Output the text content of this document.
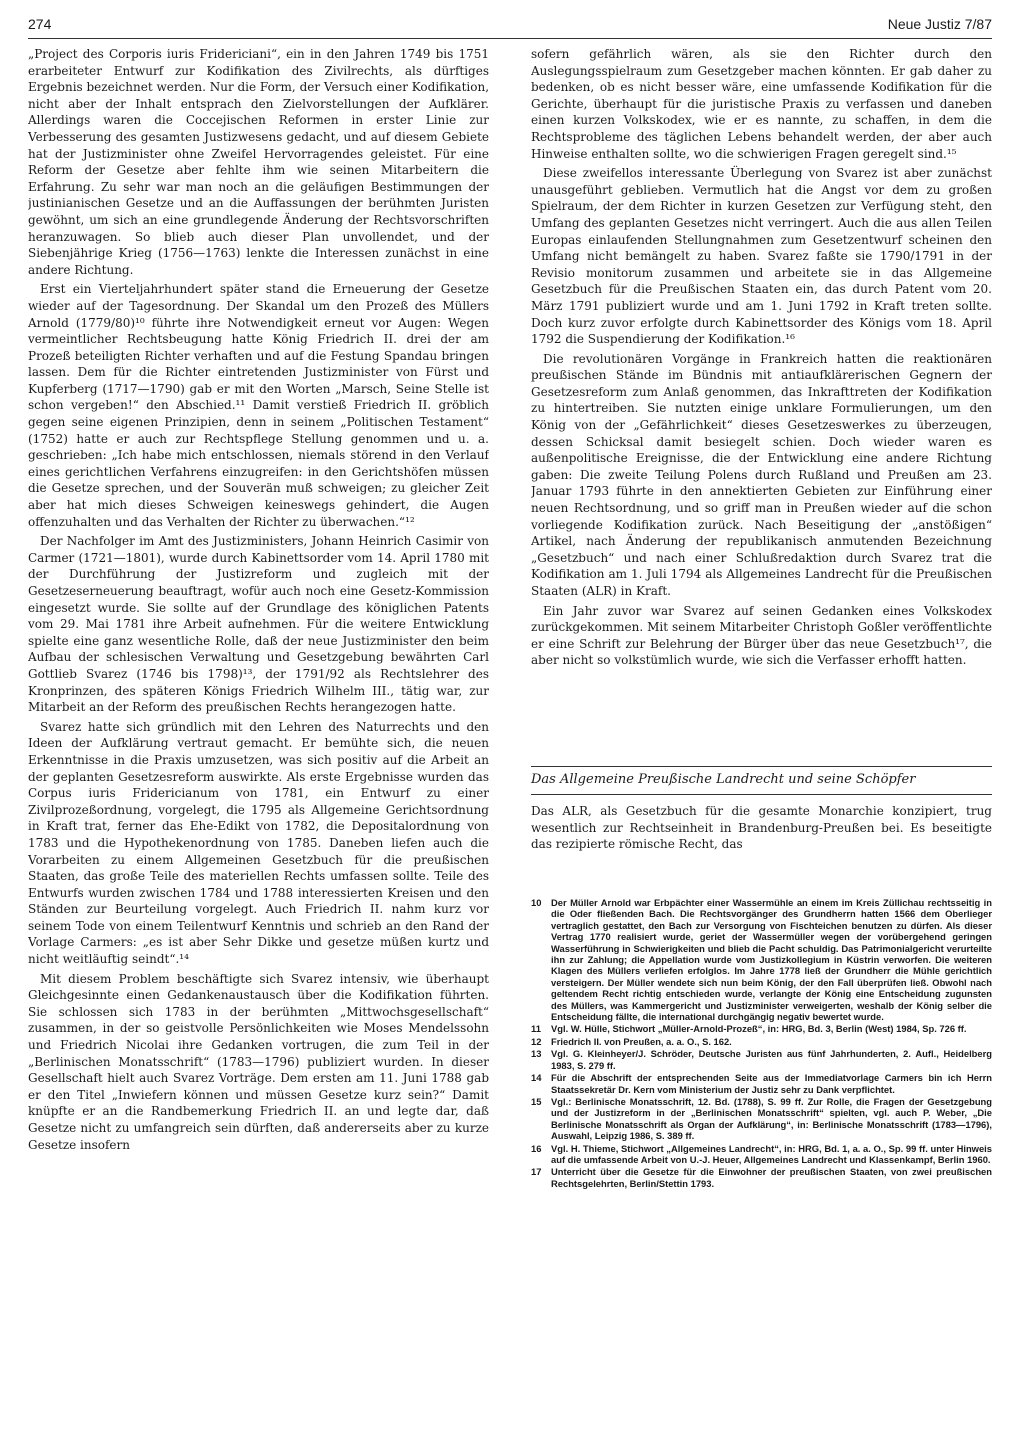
274	Neue Justiz 7/87

„Project des Corporis iuris Fridericiani“, ein in den Jahren 1749 bis 1751 erarbeiteter Entwurf zur Kodifikation des Zivilrechts, als dürftiges Ergebnis bezeichnet werden. Nur die Form, der Versuch einer Kodifikation, nicht aber der Inhalt entsprach den Zielvorstellungen der Aufklärer. Allerdings waren die Coccejischen Reformen in erster Linie zur Verbesserung des gesamten Justizwesens gedacht, und auf diesem Gebiete hat der Justizminister ohne Zweifel Hervorragendes geleistet. Für eine Reform der Gesetze aber fehlte ihm wie seinen Mitarbeitern die Erfahrung. Zu sehr war man noch an die geläufigen Bestimmungen der justinianischen Gesetze und an die Auffassungen der berühmten Juristen gewöhnt, um sich an eine grundlegende Änderung der Rechtsvorschriften heranzuwagen. So blieb auch dieser Plan unvollendet, und der Siebenjährige Krieg (1756—1763) lenkte die Interessen zunächst in eine andere Richtung.

Erst ein Vierteljahrhundert später stand die Erneuerung der Gesetze wieder auf der Tagesordnung. Der Skandal um den Prozeß des Müllers Arnold (1779/80)¹⁰ führte ihre Notwendigkeit erneut vor Augen: Wegen vermeintlicher Rechtsbeugung hatte König Friedrich II. drei der am Prozeß beteiligten Richter verhaften und auf die Festung Spandau bringen lassen. Dem für die Richter eintretenden Justizminister von Fürst und Kupferberg (1717—1790) gab er mit den Worten „Marsch, Seine Stelle ist schon vergeben!“ den Abschied.¹¹ Damit verstieß Friedrich II. gröblich gegen seine eigenen Prinzipien, denn in seinem „Politischen Testament“ (1752) hatte er auch zur Rechtspflege Stellung genommen und u. a. geschrieben: „Ich habe mich entschlossen, niemals störend in den Verlauf eines gerichtlichen Verfahrens einzugreifen: in den Gerichtshöfen müssen die Gesetze sprechen, und der Souverän muß schweigen; zu gleicher Zeit aber hat mich dieses Schweigen keineswegs gehindert, die Augen offenzuhalten und das Verhalten der Richter zu überwachen.“¹²

Der Nachfolger im Amt des Justizministers, Johann Heinrich Casimir von Carmer (1721—1801), wurde durch Kabinettsorder vom 14. April 1780 mit der Durchführung der Justizreform und zugleich mit der Gesetzeserneuerung beauftragt, wofür auch noch eine Gesetz-Kommission eingesetzt wurde. Sie sollte auf der Grundlage des königlichen Patents vom 29. Mai 1781 ihre Arbeit aufnehmen. Für die weitere Entwicklung spielte eine ganz wesentliche Rolle, daß der neue Justizminister den beim Aufbau der schlesischen Verwaltung und Gesetzgebung bewährten Carl Gottlieb Svarez (1746 bis 1798)¹³, der 1791/92 als Rechtslehrer des Kronprinzen, des späteren Königs Friedrich Wilhelm III., tätig war, zur Mitarbeit an der Reform des preußischen Rechts herangezogen hatte.

Svarez hatte sich gründlich mit den Lehren des Naturrechts und den Ideen der Aufklärung vertraut gemacht. Er bemühte sich, die neuen Erkenntnisse in die Praxis umzusetzen, was sich positiv auf die Arbeit an der geplanten Gesetzesreform auswirkte. Als erste Ergebnisse wurden das Corpus iuris Fridericianum von 1781, ein Entwurf zu einer Zivilprozeßordnung, vorgelegt, die 1795 als Allgemeine Gerichtsordnung in Kraft trat, ferner das Ehe-Edikt von 1782, die Depositalordnung von 1783 und die Hypothekenordnung von 1785. Daneben liefen auch die Vorarbeiten zu einem Allgemeinen Gesetzbuch für die preußischen Staaten, das große Teile des materiellen Rechts umfassen sollte. Teile des Entwurfs wurden zwischen 1784 und 1788 interessierten Kreisen und den Ständen zur Beurteilung vorgelegt. Auch Friedrich II. nahm kurz vor seinem Tode von einem Teilentwurf Kenntnis und schrieb an den Rand der Vorlage Carmers: „es ist aber Sehr Dikke und gesetze müßen kurtz und nicht weitläuftig seindt“.¹⁴

Mit diesem Problem beschäftigte sich Svarez intensiv, wie überhaupt Gleichgesinnte einen Gedankenaustausch über die Kodifikation führten. Sie schlossen sich 1783 in der berühmten „Mittwochsgesellschaft“ zusammen, in der so geistvolle Persönlichkeiten wie Moses Mendelssohn und Friedrich Nicolai ihre Gedanken vortrugen, die zum Teil in der „Berlinischen Monatsschrift“ (1783—1796) publiziert wurden. In dieser Gesellschaft hielt auch Svarez Vorträge. Dem ersten am 11. Juni 1788 gab er den Titel „Inwiefern können und müssen Gesetze kurz sein?“ Damit knüpfte er an die Randbemerkung Friedrich II. an und legte dar, daß Gesetze nicht zu umfangreich sein dürften, daß andererseits aber zu kurze Gesetze insofern

sofern gefährlich wären, als sie den Richter durch den Auslegungsspielraum zum Gesetzgeber machen könnten. Er gab daher zu bedenken, ob es nicht besser wäre, eine umfassende Kodifikation für die Gerichte, überhaupt für die juristische Praxis zu verfassen und daneben einen kurzen Volkskodex, wie er es nannte, zu schaffen, in dem die Rechtsprobleme des täglichen Lebens behandelt werden, der aber auch Hinweise enthalten sollte, wo die schwierigen Fragen geregelt sind.¹⁵

Diese zweifellos interessante Überlegung von Svarez ist aber zunächst unausgeführt geblieben. Vermutlich hat die Angst vor dem zu großen Spielraum, der dem Richter in kurzen Gesetzen zur Verfügung steht, den Umfang des geplanten Gesetzes nicht verringert. Auch die aus allen Teilen Europas einlaufenden Stellungnahmen zum Gesetzentwurf scheinen den Umfang nicht bemängelt zu haben. Svarez faßte sie 1790/1791 in der Revisio monitorum zusammen und arbeitete sie in das Allgemeine Gesetzbuch für die Preußischen Staaten ein, das durch Patent vom 20. März 1791 publiziert wurde und am 1. Juni 1792 in Kraft treten sollte. Doch kurz zuvor erfolgte durch Kabinettsorder des Königs vom 18. April 1792 die Suspendierung der Kodifikation.¹⁶

Die revolutionären Vorgänge in Frankreich hatten die reaktionären preußischen Stände im Bündnis mit antiaufklärerischen Gegnern der Gesetzesreform zum Anlaß genommen, das Inkrafttreten der Kodifikation zu hintertreiben. Sie nutzten einige unklare Formulierungen, um den König von der „Gefährlichkeit“ dieses Gesetzeswerkes zu überzeugen, dessen Schicksal damit besiegelt schien. Doch wieder waren es außenpolitische Ereignisse, die der Entwicklung eine andere Richtung gaben: Die zweite Teilung Polens durch Rußland und Preußen am 23. Januar 1793 führte in den annektierten Gebieten zur Einführung einer neuen Rechtsordnung, und so griff man in Preußen wieder auf die schon vorliegende Kodifikation zurück. Nach Beseitigung der „anstößigen“ Artikel, nach Änderung der republikanisch anmutenden Bezeichnung „Gesetzbuch“ und nach einer Schlußredaktion durch Svarez trat die Kodifikation am 1. Juli 1794 als Allgemeines Landrecht für die Preußischen Staaten (ALR) in Kraft.

Ein Jahr zuvor war Svarez auf seinen Gedanken eines Volkskodex zurückgekommen. Mit seinem Mitarbeiter Christoph Goßler veröffentlichte er eine Schrift zur Belehrung der Bürger über das neue Gesetzbuch¹⁷, die aber nicht so volkstümlich wurde, wie sich die Verfasser erhofft hatten.

Das Allgemeine Preußische Landrecht und seine Schöpfer

Das ALR, als Gesetzbuch für die gesamte Monarchie konzipiert, trug wesentlich zur Rechtseinheit in Brandenburg-Preußen bei. Es beseitigte das rezipierte römische Recht, das

10	Der Müller Arnold war Erbpächter einer Wassermühle an einem im Kreis Züllichau rechtsseitig in die Oder fließenden Bach. Die Rechtsvorgänger des Grundherrn hatten 1566 dem Oberlieger vertraglich gestattet, den Bach zur Versorgung von Fischteichen benutzen zu dürfen. Als dieser Vertrag 1770 realisiert wurde, geriet der Wassermüller wegen der vorübergehend geringen Wasserführung in Schwierigkeiten und blieb die Pacht schuldig. Das Patrimonialgericht verurteilte ihn zur Zahlung; die Appellation wurde vom Justizkollegium in Küstrin verworfen. Die weiteren Klagen des Müllers verliefen erfolglos. Im Jahre 1778 ließ der Grundherr die Mühle gerichtlich versteigern. Der Müller wendete sich nun beim König, der den Fall überprüfen ließ. Obwohl nach geltendem Recht richtig entschieden wurde, verlangte der König eine Entscheidung zugunsten des Müllers, was Kammergericht und Justizminister verweigerten, weshalb der König selber die Entscheidung fällte, die international durchgängig negativ bewertet wurde.
11	Vgl. W. Hülle, Stichwort „Müller-Arnold-Prozeß“, in: HRG, Bd. 3, Berlin (West) 1984, Sp. 726 ff.
12	Friedrich II. von Preußen, a. a. O., S. 162.
13	Vgl. G. Kleinheyer/J. Schröder, Deutsche Juristen aus fünf Jahrhunderten, 2. Aufl., Heidelberg 1983, S. 279 ff.
14	Für die Abschrift der entsprechenden Seite aus der Immediatvorlage Carmers bin ich Herrn Staatssekretär Dr. Kern vom Ministerium der Justiz sehr zu Dank verpflichtet.
15	Vgl.: Berlinische Monatsschrift, 12. Bd. (1788), S. 99 ff. Zur Rolle, die Fragen der Gesetzgebung und der Justizreform in der „Berlinischen Monatsschrift“ spielten, vgl. auch P. Weber, „Die Berlinische Monatsschrift als Organ der Aufklärung“, in: Berlinische Monatsschrift (1783—1796), Auswahl, Leipzig 1986, S. 389 ff.
16	Vgl. H. Thieme, Stichwort „Allgemeines Landrecht“, in: HRG, Bd. 1, a. a. O., Sp. 99 ff. unter Hinweis auf die umfassende Arbeit von U.-J. Heuer, Allgemeines Landrecht und Klassenkampf, Berlin 1960.
17	Unterricht über die Gesetze für die Einwohner der preußischen Staaten, von zwei preußischen Rechtsgelehrten, Berlin/Stettin 1793.
